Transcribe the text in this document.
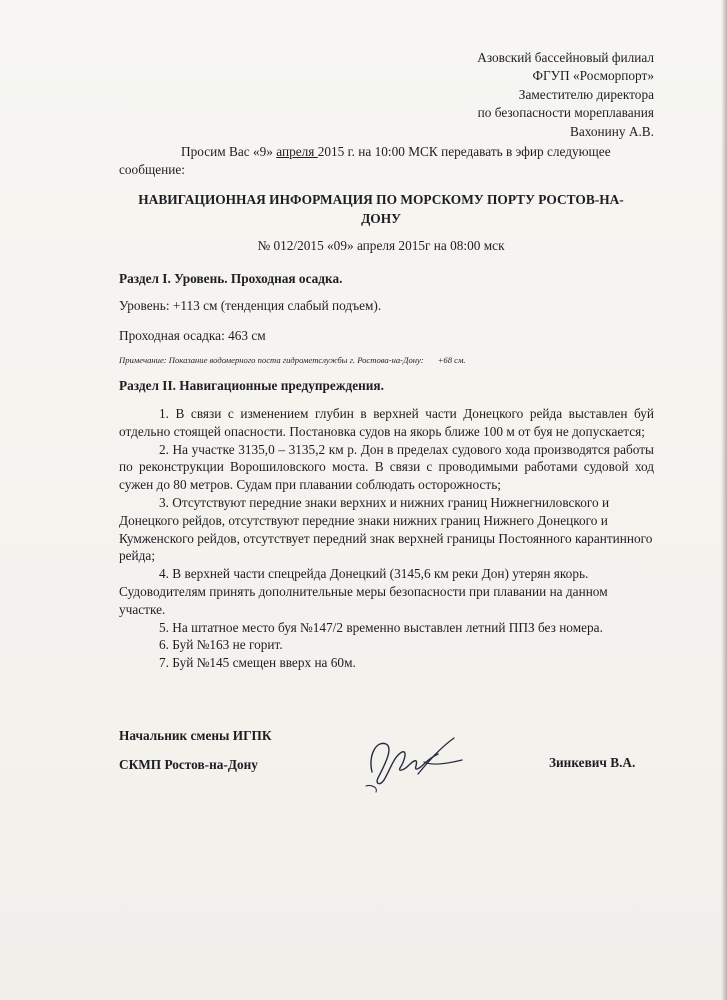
Азовский бассейновый филиал
ФГУП «Росморпорт»
Заместителю директора
по безопасности мореплавания
Вахонину А.В.
Просим Вас «9» апреля 2015 г. на 10:00 МСК передавать в эфир следующее
сообщение:
НАВИГАЦИОННАЯ ИНФОРМАЦИЯ ПО МОРСКОМУ ПОРТУ РОСТОВ-НА-ДОНУ
№ 012/2015 «09» апреля 2015г на 08:00 мск
Раздел I. Уровень. Проходная осадка.
Уровень: +113 см (тенденция слабый подъем).
Проходная осадка: 463 см
Примечание: Показание водомерного поста гидрометслужбы г. Ростова-на-Дону: +68 см.
Раздел II. Навигационные предупреждения.
1. В связи с изменением глубин в верхней части Донецкого рейда выставлен буй отдельно стоящей опасности. Постановка судов на якорь ближе 100 м от буя не допускается;
2. На участке 3135,0 – 3135,2 км р. Дон в пределах судового хода производятся работы по реконструкции Ворошиловского моста. В связи с проводимыми работами судовой ход сужен до 80 метров. Судам при плавании соблюдать осторожность;
3. Отсутствуют передние знаки верхних и нижних границ Нижнегниловского и Донецкого рейдов, отсутствуют передние знаки нижних границ Нижнего Донецкого и Кумженского рейдов, отсутствует передний знак верхней границы Постоянного карантинного рейда;
4. В верхней части спецрейда Донецкий (3145,6 км реки Дон) утерян якорь. Судоводителям принять дополнительные меры безопасности при плавании на данном участке.
5. На штатное место буя №147/2 временно выставлен летний ППЗ без номера.
6. Буй №163 не горит.
7. Буй №145 смещен вверх на 60м.
Начальник смены ИГПК
СКМП Ростов-на-Дону	Зинкевич В.А.
